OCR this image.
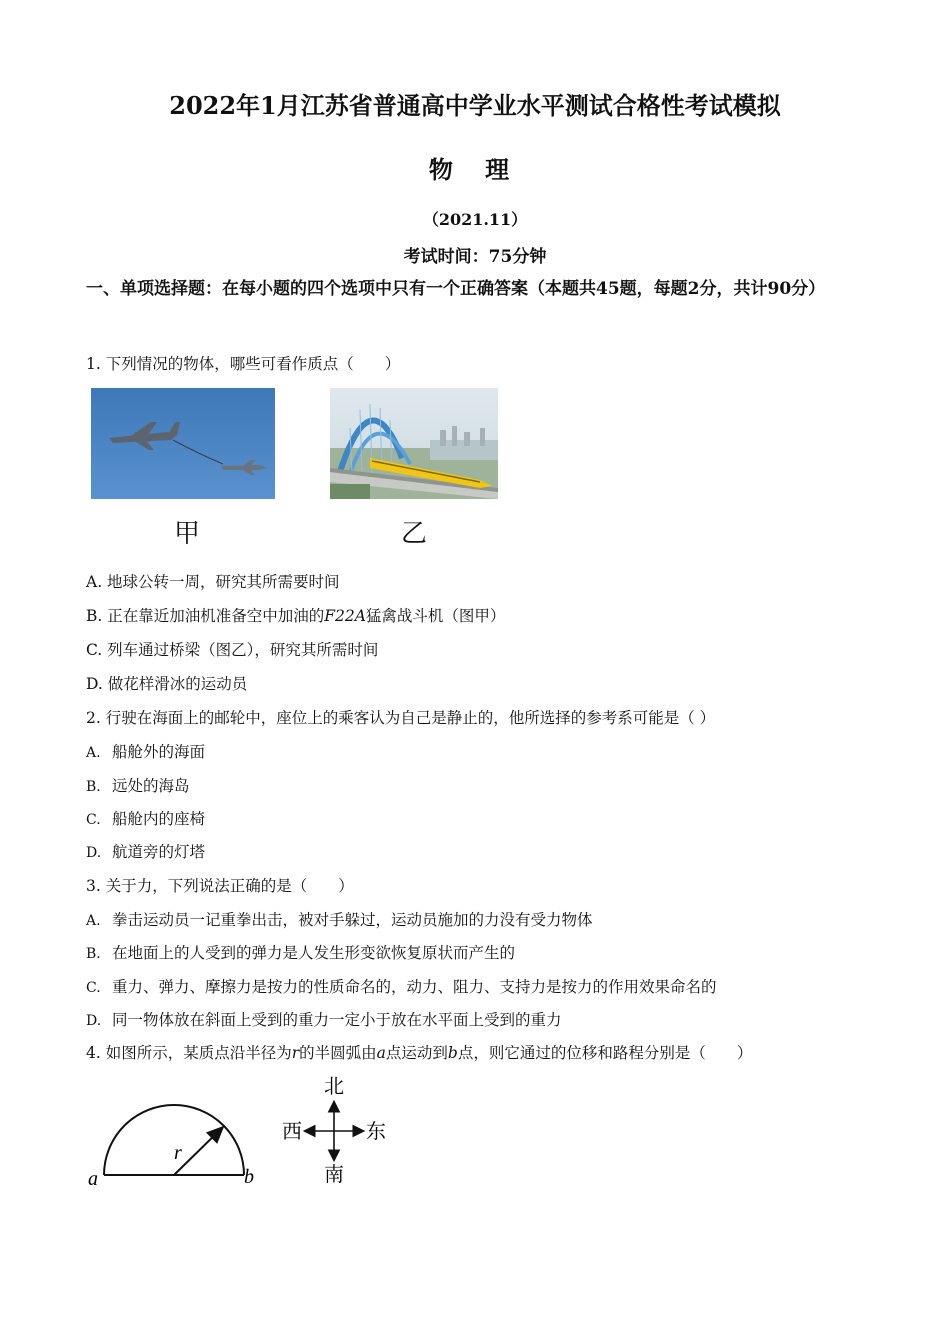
2022年1月江苏省普通高中学业水平测试合格性考试模拟
物 理
（2021.11）
考试时间：75分钟
一、单项选择题：在每小题的四个选项中只有一个正确答案（本题共45题，每题2分，共计90分）
1. 下列情况的物体，哪些可看作质点（　　）
甲	乙
A. 地球公转一周，研究其所需要时间
B. 正在靠近加油机准备空中加油的F22A猛禽战斗机（图甲）
C. 列车通过桥梁（图乙），研究其所需时间
D. 做花样滑冰的运动员
2. 行驶在海面上的邮轮中，座位上的乘客认为自己是静止的，他所选择的参考系可能是（ ）
A. 船舱外的海面
B. 远处的海岛
C. 船舱内的座椅
D. 航道旁的灯塔
3. 关于力，下列说法正确的是（　　）
A. 拳击运动员一记重拳出击，被对手躲过，运动员施加的力没有受力物体
B. 在地面上的人受到的弹力是人发生形变欲恢复原状而产生的
C. 重力、弹力、摩擦力是按力的性质命名的，动力、阻力、支持力是按力的作用效果命名的
D. 同一物体放在斜面上受到的重力一定小于放在水平面上受到的重力
4. 如图所示，某质点沿半径为r的半圆弧由a点运动到b点，则它通过的位移和路程分别是（　　）
a	b
r
北
南
东
西
